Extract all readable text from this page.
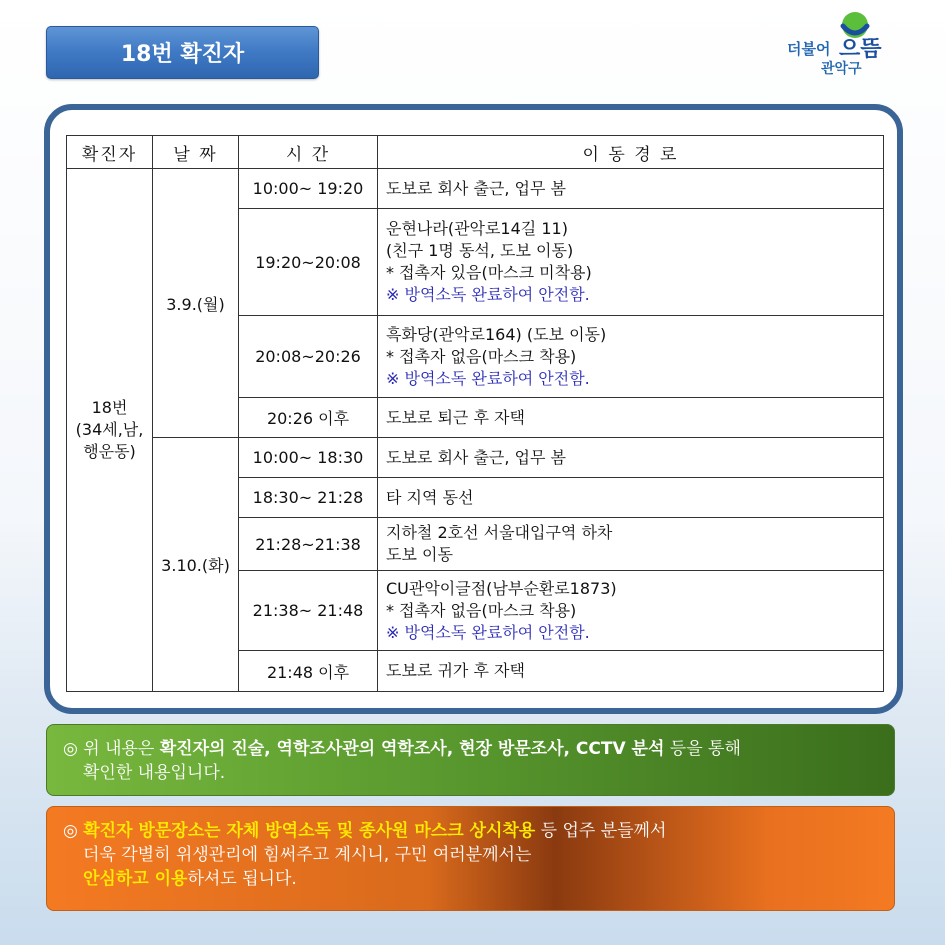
18번 확진자	더불어 으뜸
관악구
확진자	날 짜	시 간	이 동 경 로

18번
(34세,남,
행운동)	3.9.(월)	10:00~ 19:20	도보로 회사 출근, 업무 봄
		19:20~20:08	운현나라(관악로14길 11)
(친구 1명 동석, 도보 이동)
* 접촉자 있음(마스크 미착용)
※ 방역소독 완료하여 안전함.

		20:08~20:26	흑화당(관악로164) (도보 이동)
* 접촉자 없음(마스크 착용)
※ 방역소독 완료하여 안전함.

		20:26 이후	도보로 퇴근 후 자택
	3.10.(화)	10:00~ 18:30	도보로 회사 출근, 업무 봄
		18:30~ 21:28	타 지역 동선
		21:28~21:38	지하철 2호선 서울대입구역 하차
도보 이동

		21:38~ 21:48	CU관악이글점(남부순환로1873)
* 접촉자 없음(마스크 착용)
※ 방역소독 완료하여 안전함.

		21:48 이후	도보로 귀가 후 자택
◎ 위 내용은 확진자의 진술, 역학조사관의 역학조사, 현장 방문조사, CCTV 분석 등을 통해
확인한 내용입니다.
◎ 확진자 방문장소는 자체 방역소독 및 종사원 마스크 상시착용 등 업주 분들께서
더욱 각별히 위생관리에 힘써주고 계시니, 구민 여러분께서는
안심하고 이용하셔도 됩니다.
